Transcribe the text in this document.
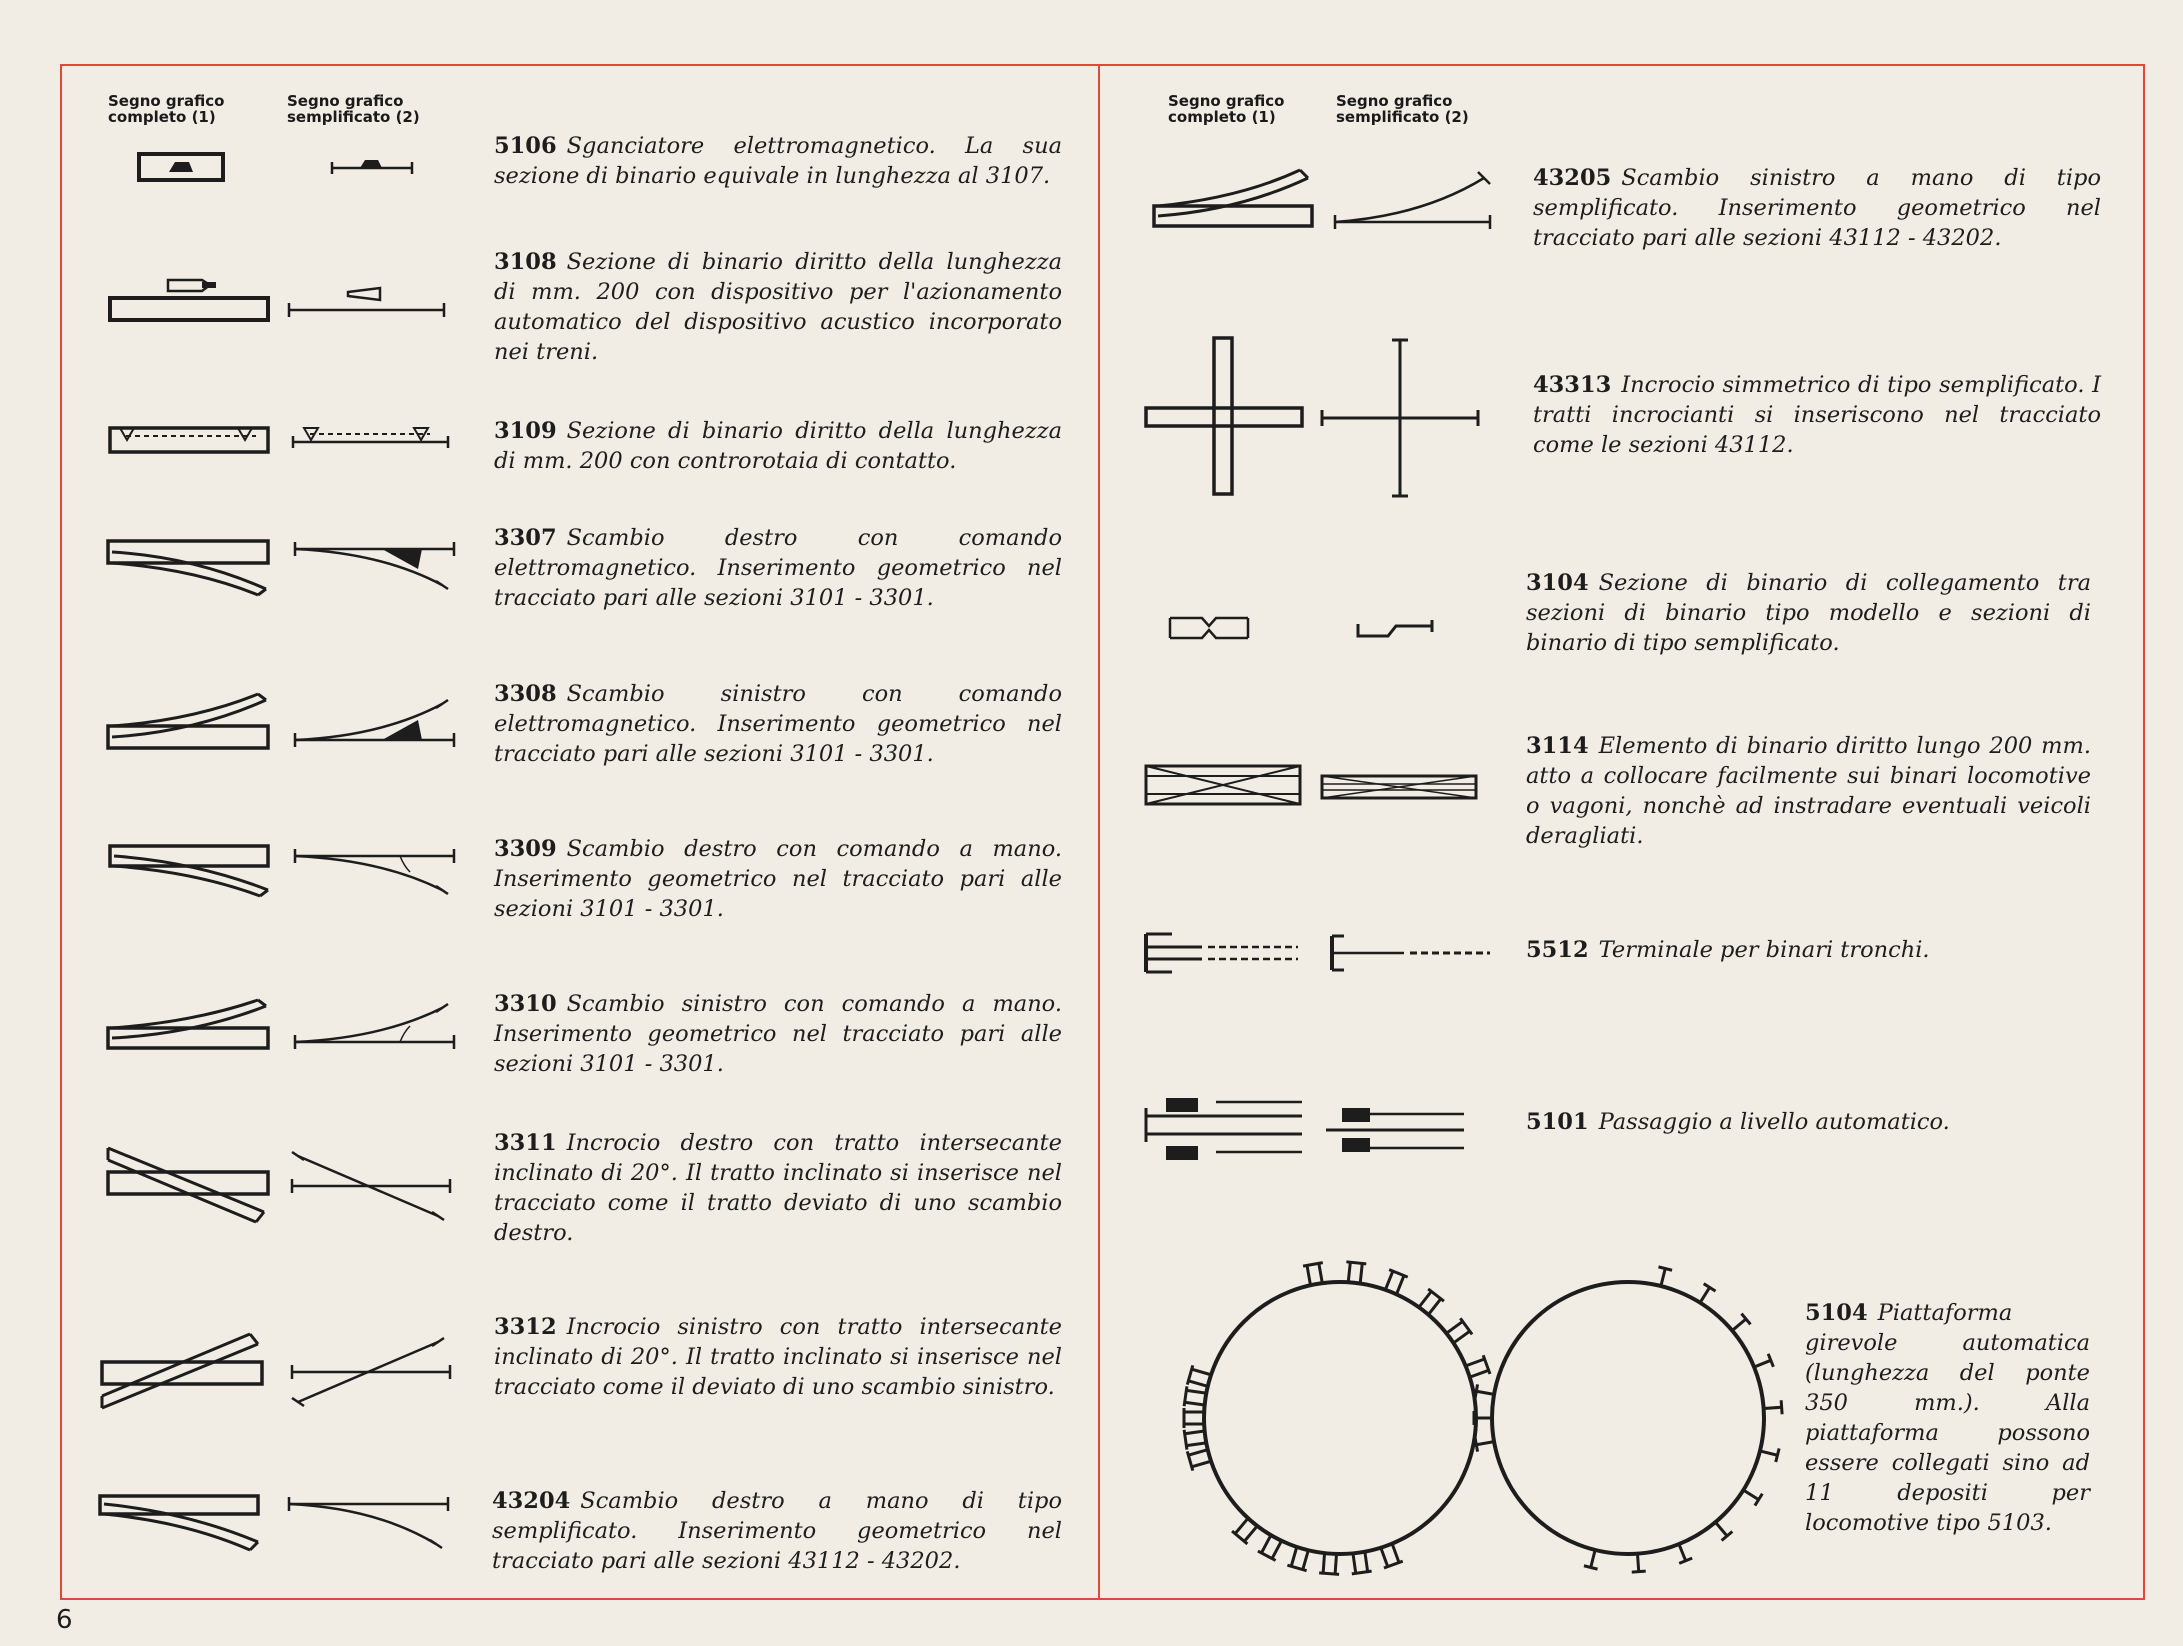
Segno grafico
completo (1)
Segno grafico
semplificato (2)
Segno grafico
completo (1)
Segno grafico
semplificato (2)
5106 Sganciatore elettromagnetico. La sua sezione di binario equivale in lunghezza al 3107.
3108 Sezione di binario diritto della lunghezza di mm. 200 con dispositivo per l'azionamento automatico del dispositivo acustico incorporato nei treni.
3109 Sezione di binario diritto della lunghezza di mm. 200 con controrotaia di contatto.
3307 Scambio destro con comando elettromagnetico. Inserimento geometrico nel tracciato pari alle sezioni 3101 - 3301.
3308 Scambio sinistro con comando elettromagnetico. Inserimento geometrico nel tracciato pari alle sezioni 3101 - 3301.
3309 Scambio destro con comando a mano. Inserimento geometrico nel tracciato pari alle sezioni 3101 - 3301.
3310 Scambio sinistro con comando a mano. Inserimento geometrico nel tracciato pari alle sezioni 3101 - 3301.
3311 Incrocio destro con tratto intersecante inclinato di 20°. Il tratto inclinato si inserisce nel tracciato come il tratto deviato di uno scambio destro.
3312 Incrocio sinistro con tratto intersecante inclinato di 20°. Il tratto inclinato si inserisce nel tracciato come il deviato di uno scambio sinistro.
43204 Scambio destro a mano di tipo semplificato. Inserimento geometrico nel tracciato pari alle sezioni 43112 - 43202.
43205 Scambio sinistro a mano di tipo semplificato. Inserimento geometrico nel tracciato pari alle sezioni 43112 - 43202.
43313 Incrocio simmetrico di tipo semplificato. I tratti incrocianti si inseriscono nel tracciato come le sezioni 43112.
3104 Sezione di binario di collegamento tra sezioni di binario tipo modello e sezioni di binario di tipo semplificato.
3114 Elemento di binario diritto lungo 200 mm. atto a collocare facilmente sui binari locomotive o vagoni, nonchè ad instradare eventuali veicoli deragliati.
5512 Terminale per binari tronchi.
5101 Passaggio a livello automatico.
5104 Piattaforma girevole automatica (lunghezza del ponte 350 mm.). Alla piattaforma possono essere collegati sino ad 11 depositi per locomotive tipo 5103.
6
